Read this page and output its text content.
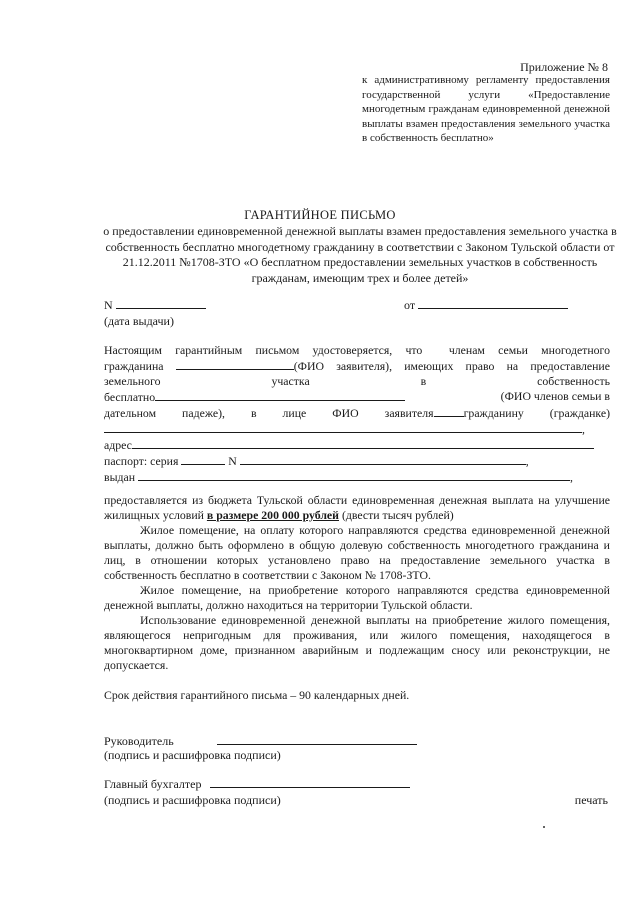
Приложение № 8
к административному регламенту предоставления государственной услуги «Предоставление многодетным гражданам единовременной денежной выплаты взамен предоставления земельного участка в собственность бесплатно»
ГАРАНТИЙНОЕ ПИСЬМО
о предоставлении единовременной денежной выплаты взамен предоставления земельного участка в собственность бесплатно многодетному гражданину в соответствии с Законом Тульской области от 21.12.2011 №1708-ЗТО «О бесплатном предоставлении земельных участков в собственность гражданам, имеющим трех и более детей»
N	от
(дата выдачи)
Настоящим гарантийным письмом удостоверяется, что членам семьи многодетного
гражданина	(ФИО заявителя), имеющих право на предоставление
земельного	участка	в	собственность
бесплатно	(ФИО членов семьи в
дательном падеже), в лице ФИО заявителя	гражданину (гражданке)
,
адрес
паспорт: серия	N	,
выдан	,
предоставляется из бюджета Тульской области единовременная денежная выплата на улучшение жилищных условий в размере 200 000 рублей (двести тысяч рублей)
Жилое помещение, на оплату которого направляются средства единовременной денежной выплаты, должно быть оформлено в общую долевую собственность многодетного гражданина и лиц, в отношении которых установлено право на предоставление земельного участка в собственность бесплатно в соответствии с Законом № 1708-ЗТО.
Жилое помещение, на приобретение которого направляются средства единовременной денежной выплаты, должно находиться на территории Тульской области.
Использование единовременной денежной выплаты на приобретение жилого помещения, являющегося непригодным для проживания, или жилого помещения, находящегося в многоквартирном доме, признанном аварийным и подлежащим сносу или реконструкции, не допускается.
Срок действия гарантийного письма – 90 календарных дней.
Руководитель
(подпись и расшифровка подписи)
Главный бухгалтер
(подпись и расшифровка подписи)	печать
